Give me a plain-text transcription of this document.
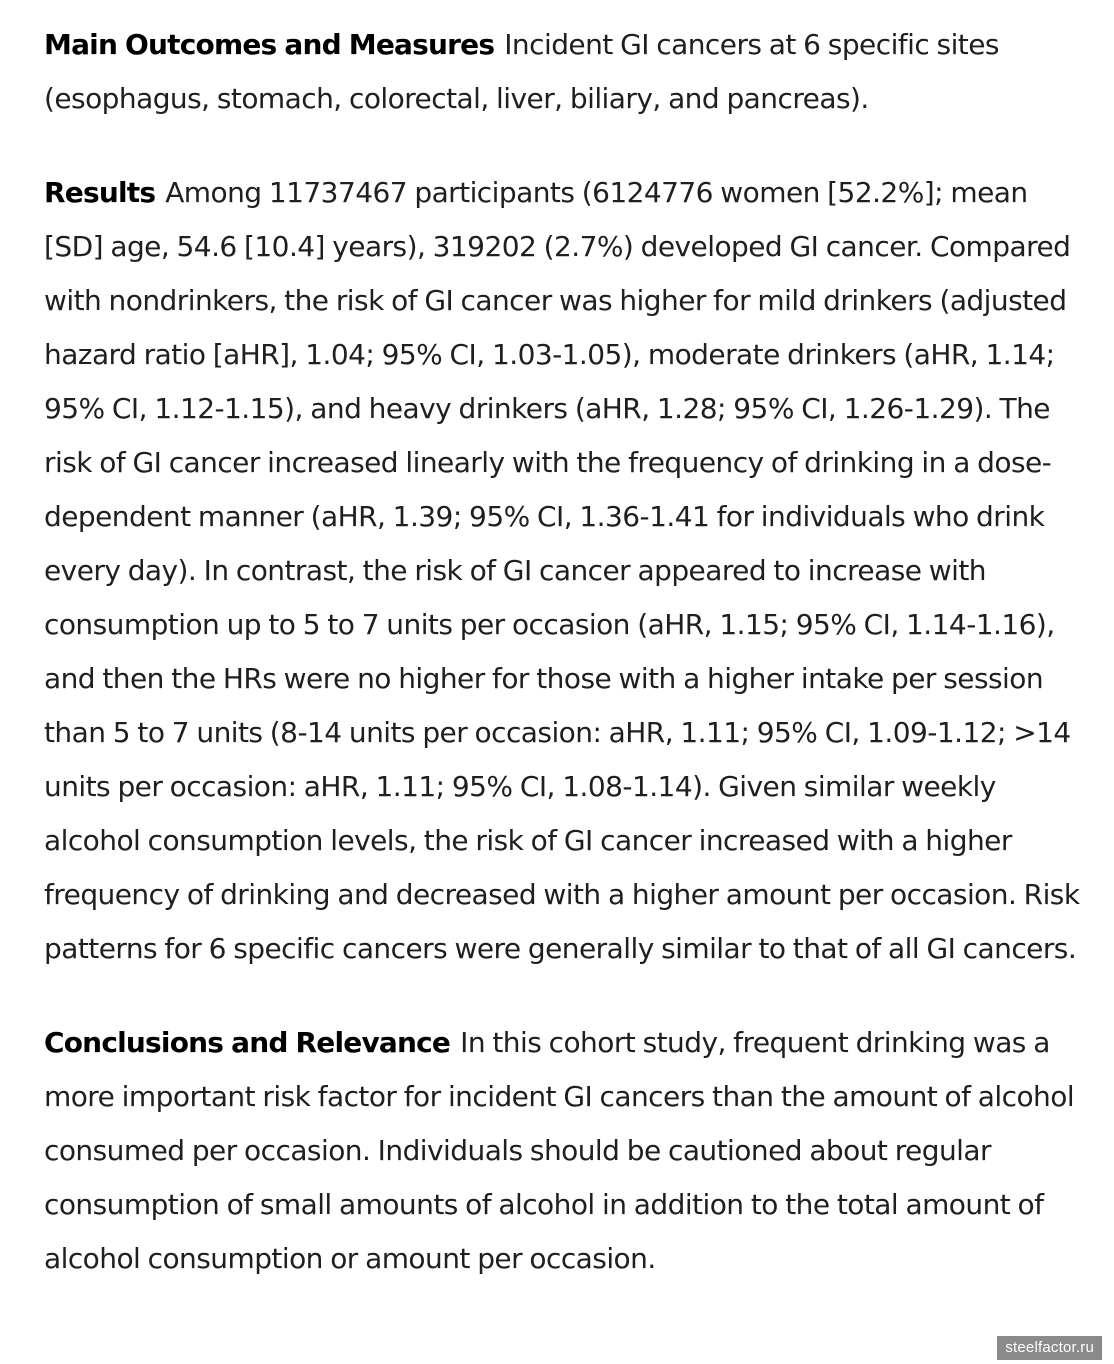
Main Outcomes and Measures Incident GI cancers at 6 specific sites (esophagus, stomach, colorectal, liver, biliary, and pancreas).

Results Among 11737467 participants (6124776 women [52.2%]; mean [SD] age, 54.6 [10.4] years), 319202 (2.7%) developed GI cancer. Compared with nondrinkers, the risk of GI cancer was higher for mild drinkers (adjusted hazard ratio [aHR], 1.04; 95% CI, 1.03-1.05), moderate drinkers (aHR, 1.14; 95% CI, 1.12-1.15), and heavy drinkers (aHR, 1.28; 95% CI, 1.26-1.29). The risk of GI cancer increased linearly with the frequency of drinking in a dose-dependent manner (aHR, 1.39; 95% CI, 1.36-1.41 for individuals who drink every day). In contrast, the risk of GI cancer appeared to increase with consumption up to 5 to 7 units per occasion (aHR, 1.15; 95% CI, 1.14-1.16), and then the HRs were no higher for those with a higher intake per session than 5 to 7 units (8-14 units per occasion: aHR, 1.11; 95% CI, 1.09-1.12; >14 units per occasion: aHR, 1.11; 95% CI, 1.08-1.14). Given similar weekly alcohol consumption levels, the risk of GI cancer increased with a higher frequency of drinking and decreased with a higher amount per occasion. Risk patterns for 6 specific cancers were generally similar to that of all GI cancers.

Conclusions and Relevance In this cohort study, frequent drinking was a more important risk factor for incident GI cancers than the amount of alcohol consumed per occasion. Individuals should be cautioned about regular consumption of small amounts of alcohol in addition to the total amount of alcohol consumption or amount per occasion.

steelfactor.ru
